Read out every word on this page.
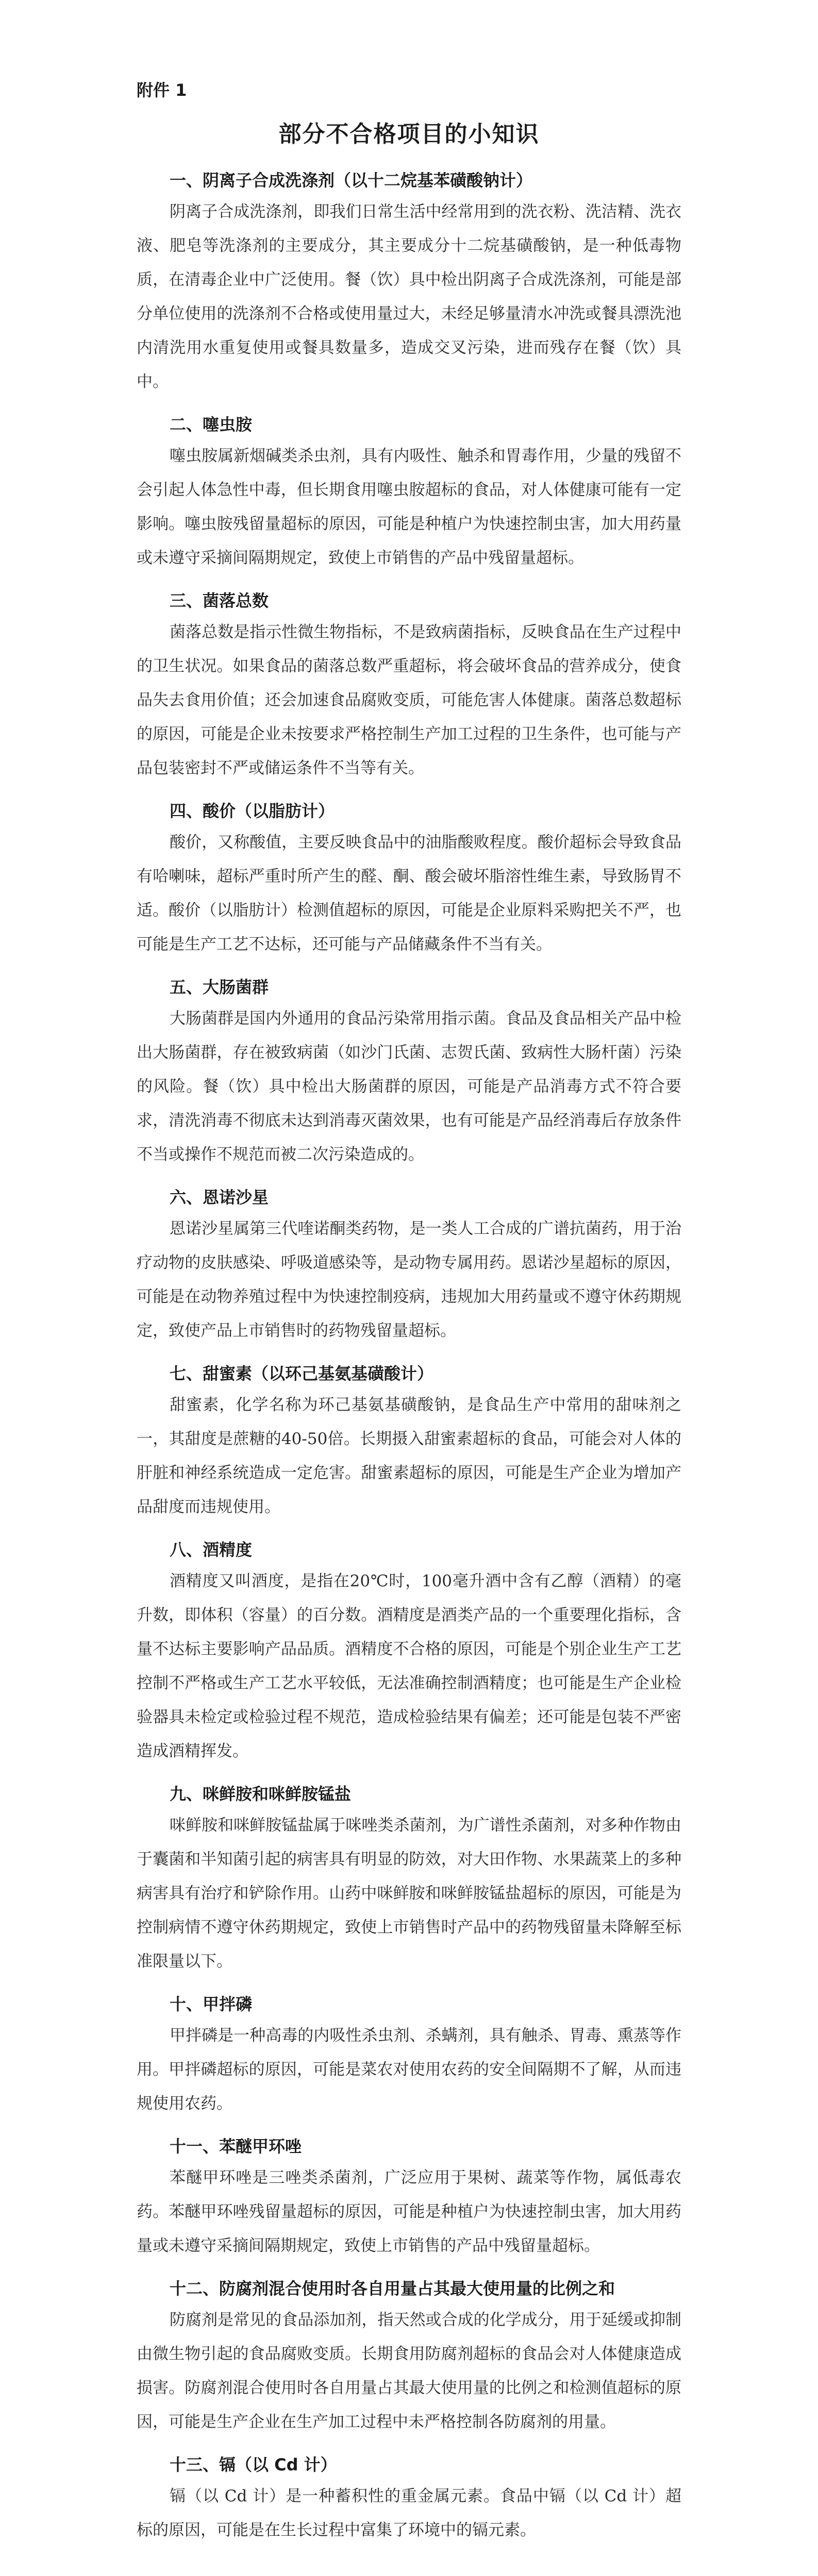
附件 1
部分不合格项目的小知识

一、阴离子合成洗涤剂（以十二烷基苯磺酸钠计）

阴离子合成洗涤剂，即我们日常生活中经常用到的洗衣粉、洗洁精、洗衣液、肥皂等洗涤剂的主要成分，其主要成分十二烷基磺酸钠，是一种低毒物质，在清毒企业中广泛使用。餐（饮）具中检出阴离子合成洗涤剂，可能是部分单位使用的洗涤剂不合格或使用量过大，未经足够量清水冲洗或餐具漂洗池内清洗用水重复使用或餐具数量多，造成交叉污染，进而残存在餐（饮）具中。

二、噻虫胺

噻虫胺属新烟碱类杀虫剂，具有内吸性、触杀和胃毒作用，少量的残留不会引起人体急性中毒，但长期食用噻虫胺超标的食品，对人体健康可能有一定影响。噻虫胺残留量超标的原因，可能是种植户为快速控制虫害，加大用药量或未遵守采摘间隔期规定，致使上市销售的产品中残留量超标。

三、菌落总数

菌落总数是指示性微生物指标，不是致病菌指标，反映食品在生产过程中的卫生状况。如果食品的菌落总数严重超标，将会破坏食品的营养成分，使食品失去食用价值；还会加速食品腐败变质，可能危害人体健康。菌落总数超标的原因，可能是企业未按要求严格控制生产加工过程的卫生条件，也可能与产品包装密封不严或储运条件不当等有关。

四、酸价（以脂肪计）

酸价，又称酸值，主要反映食品中的油脂酸败程度。酸价超标会导致食品有哈喇味，超标严重时所产生的醛、酮、酸会破坏脂溶性维生素，导致肠胃不适。酸价（以脂肪计）检测值超标的原因，可能是企业原料采购把关不严，也可能是生产工艺不达标，还可能与产品储藏条件不当有关。

五、大肠菌群

大肠菌群是国内外通用的食品污染常用指示菌。食品及食品相关产品中检出大肠菌群，存在被致病菌（如沙门氏菌、志贺氏菌、致病性大肠杆菌）污染的风险。餐（饮）具中检出大肠菌群的原因，可能是产品消毒方式不符合要求，清洗消毒不彻底未达到消毒灭菌效果，也有可能是产品经消毒后存放条件不当或操作不规范而被二次污染造成的。

六、恩诺沙星

恩诺沙星属第三代喹诺酮类药物，是一类人工合成的广谱抗菌药，用于治疗动物的皮肤感染、呼吸道感染等，是动物专属用药。恩诺沙星超标的原因，可能是在动物养殖过程中为快速控制疫病，违规加大用药量或不遵守休药期规定，致使产品上市销售时的药物残留量超标。

七、甜蜜素（以环己基氨基磺酸计）

甜蜜素，化学名称为环己基氨基磺酸钠，是食品生产中常用的甜味剂之一，其甜度是蔗糖的40-50倍。长期摄入甜蜜素超标的食品，可能会对人体的肝脏和神经系统造成一定危害。甜蜜素超标的原因，可能是生产企业为增加产品甜度而违规使用。

八、酒精度

酒精度又叫酒度，是指在20℃时，100毫升酒中含有乙醇（酒精）的毫升数，即体积（容量）的百分数。酒精度是酒类产品的一个重要理化指标，含量不达标主要影响产品品质。酒精度不合格的原因，可能是个别企业生产工艺控制不严格或生产工艺水平较低，无法准确控制酒精度；也可能是生产企业检验器具未检定或检验过程不规范，造成检验结果有偏差；还可能是包装不严密造成酒精挥发。

九、咪鲜胺和咪鲜胺锰盐

咪鲜胺和咪鲜胺锰盐属于咪唑类杀菌剂，为广谱性杀菌剂，对多种作物由于囊菌和半知菌引起的病害具有明显的防效，对大田作物、水果蔬菜上的多种病害具有治疗和铲除作用。山药中咪鲜胺和咪鲜胺锰盐超标的原因，可能是为控制病情不遵守休药期规定，致使上市销售时产品中的药物残留量未降解至标准限量以下。

十、甲拌磷

甲拌磷是一种高毒的内吸性杀虫剂、杀螨剂，具有触杀、胃毒、熏蒸等作用。甲拌磷超标的原因，可能是菜农对使用农药的安全间隔期不了解，从而违规使用农药。

十一、苯醚甲环唑

苯醚甲环唑是三唑类杀菌剂，广泛应用于果树、蔬菜等作物，属低毒农药。苯醚甲环唑残留量超标的原因，可能是种植户为快速控制虫害，加大用药量或未遵守采摘间隔期规定，致使上市销售的产品中残留量超标。

十二、防腐剂混合使用时各自用量占其最大使用量的比例之和

防腐剂是常见的食品添加剂，指天然或合成的化学成分，用于延缓或抑制由微生物引起的食品腐败变质。长期食用防腐剂超标的食品会对人体健康造成损害。防腐剂混合使用时各自用量占其最大使用量的比例之和检测值超标的原因，可能是生产企业在生产加工过程中未严格控制各防腐剂的用量。

十三、镉（以 Cd 计）

镉（以 Cd 计）是一种蓄积性的重金属元素。食品中镉（以 Cd 计）超标的原因，可能是在生长过程中富集了环境中的镉元素。
